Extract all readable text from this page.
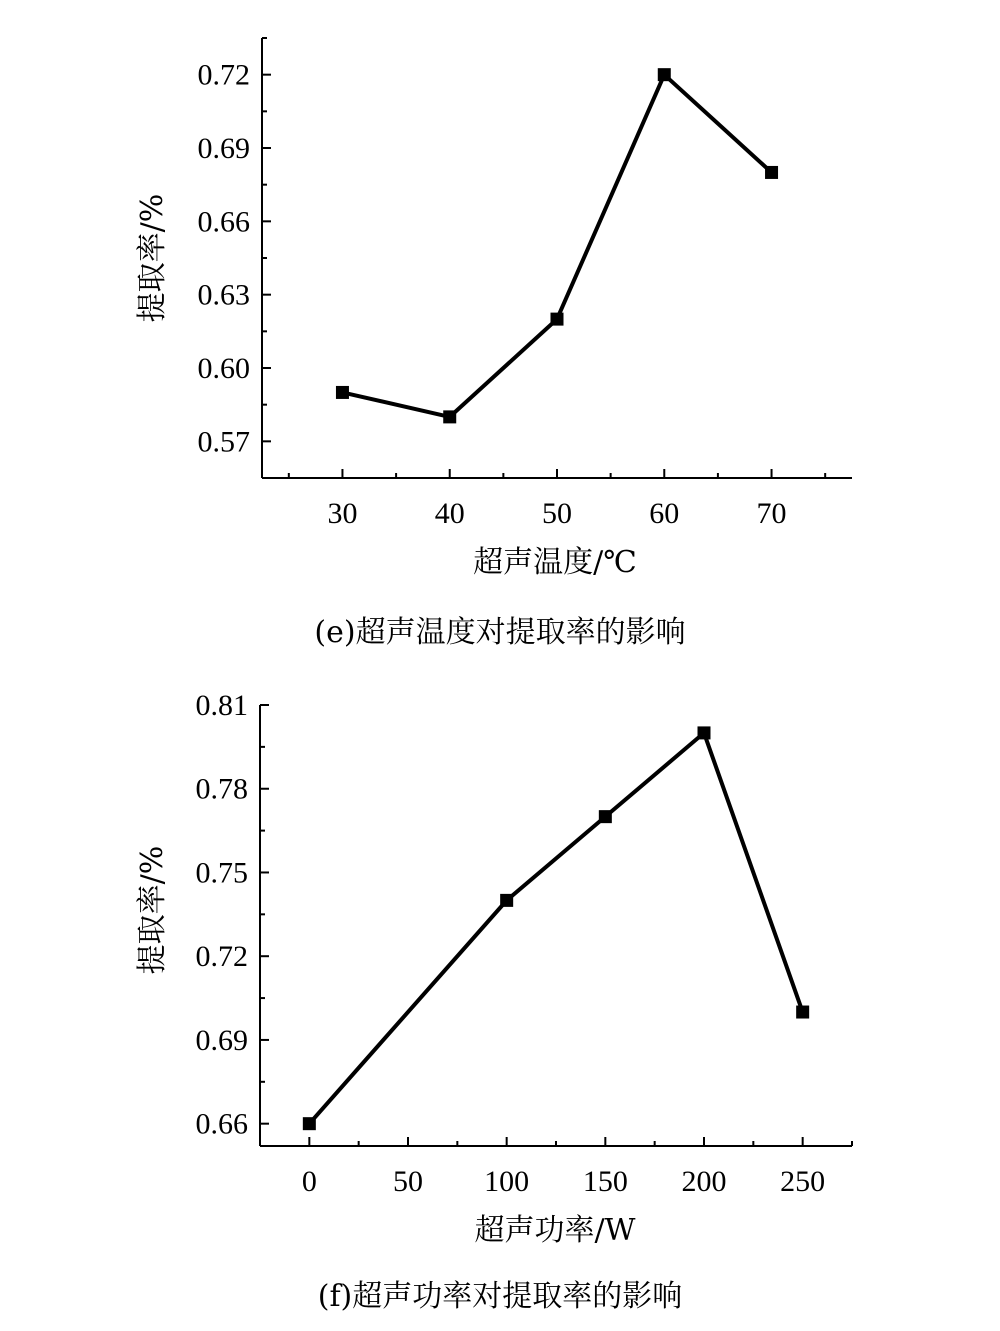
0.57
0.60
0.63
0.66
0.69
0.72
30	40	50	60	70
超声温度/℃
提取率/%
(e)超声温度对提取率的影响
0.66
0.69
0.72
0.75
0.78
0.81
0	50 100 150 200 250
超声功率/W
提取率/%
(f)超声功率对提取率的影响
